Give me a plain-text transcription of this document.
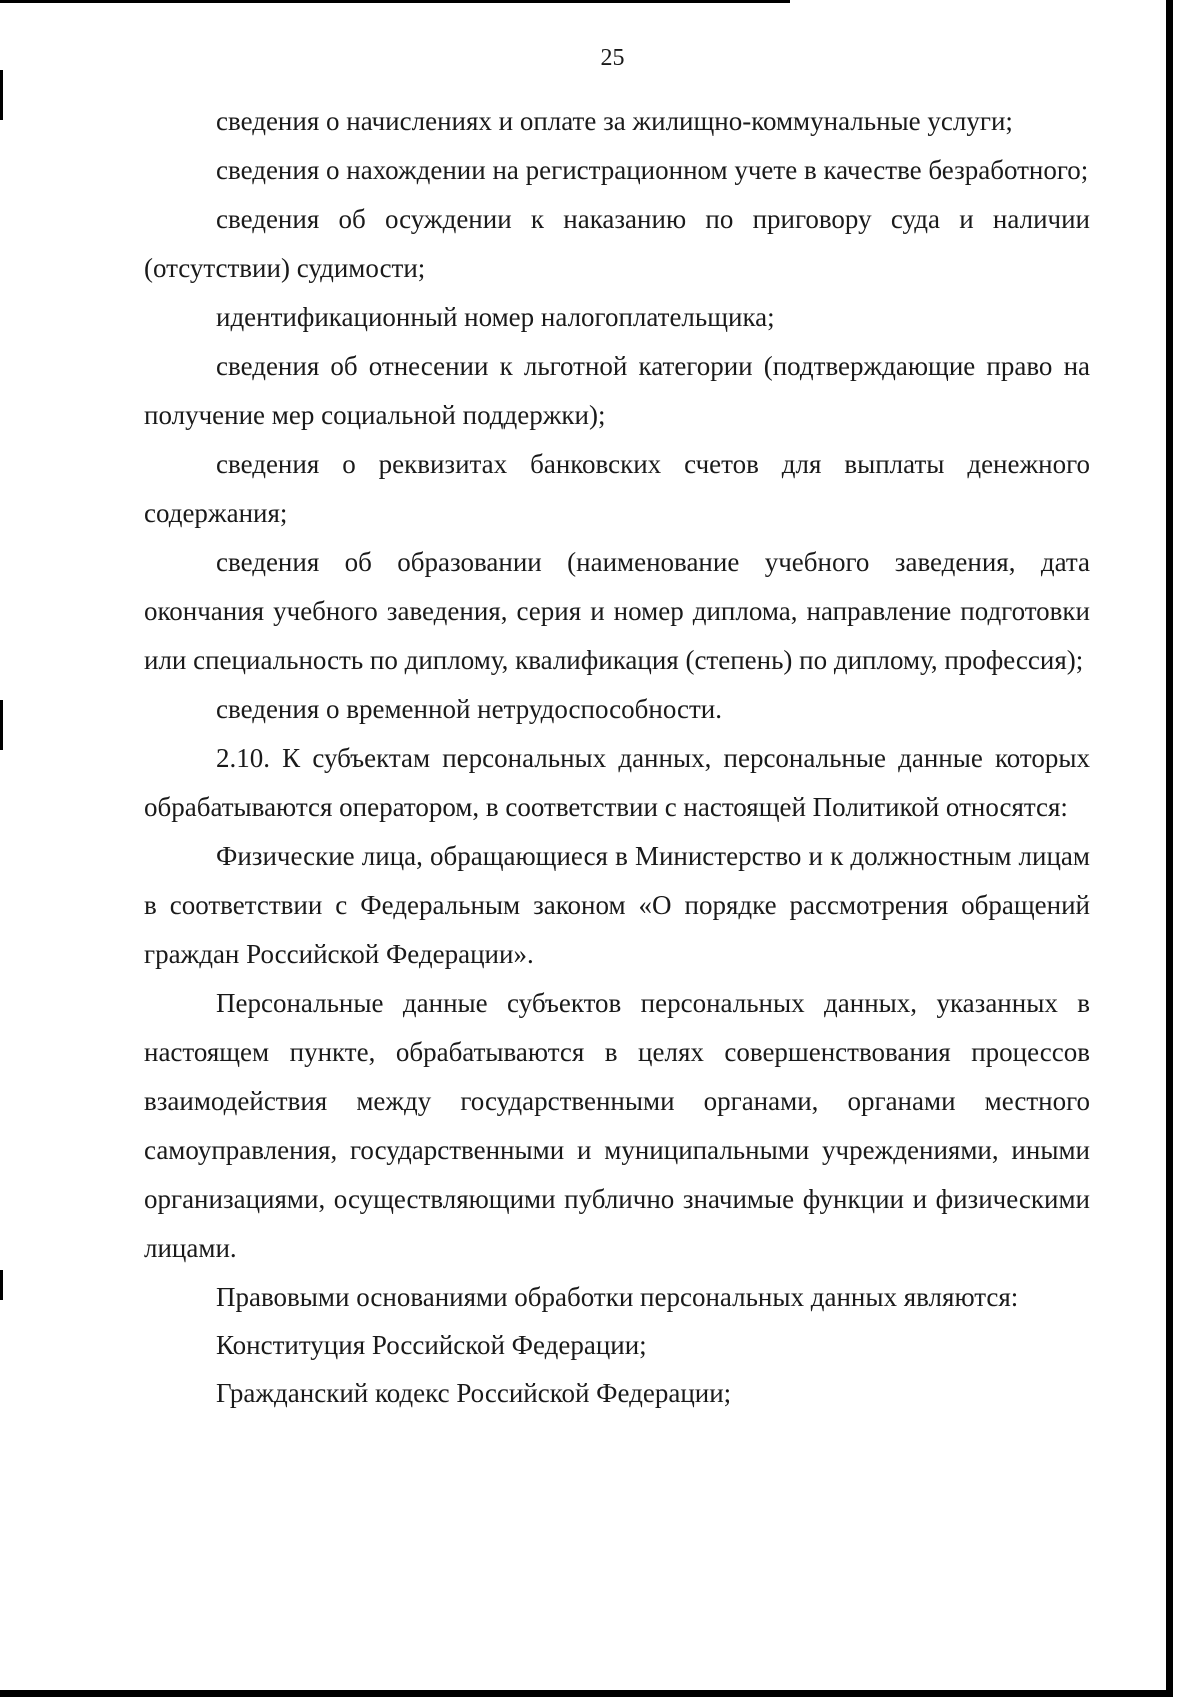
25

сведения о начислениях и оплате за жилищно-коммунальные услуги;

сведения о нахождении на регистрационном учете в качестве безработного;

сведения об осуждении к наказанию по приговору суда и наличии (отсутствии) судимости;

идентификационный номер налогоплательщика;

сведения об отнесении к льготной категории (подтверждающие право на получение мер социальной поддержки);

сведения о реквизитах банковских счетов для выплаты денежного содержания;

сведения об образовании (наименование учебного заведения, дата окончания учебного заведения, серия и номер диплома, направление подготовки или специальность по диплому, квалификация (степень) по диплому, профессия);

сведения о временной нетрудоспособности.

2.10. К субъектам персональных данных, персональные данные которых обрабатываются оператором, в соответствии с настоящей Политикой относятся:

Физические лица, обращающиеся в Министерство и к должностным лицам в соответствии с Федеральным законом «О порядке рассмотрения обращений граждан Российской Федерации».

Персональные данные субъектов персональных данных, указанных в настоящем пункте, обрабатываются в целях совершенствования процессов взаимодействия между государственными органами, органами местного самоуправления, государственными и муниципальными учреждениями, иными организациями, осуществляющими публично значимые функции и физическими лицами.

Правовыми основаниями обработки персональных данных являются:

Конституция Российской Федерации;

Гражданский кодекс Российской Федерации;
